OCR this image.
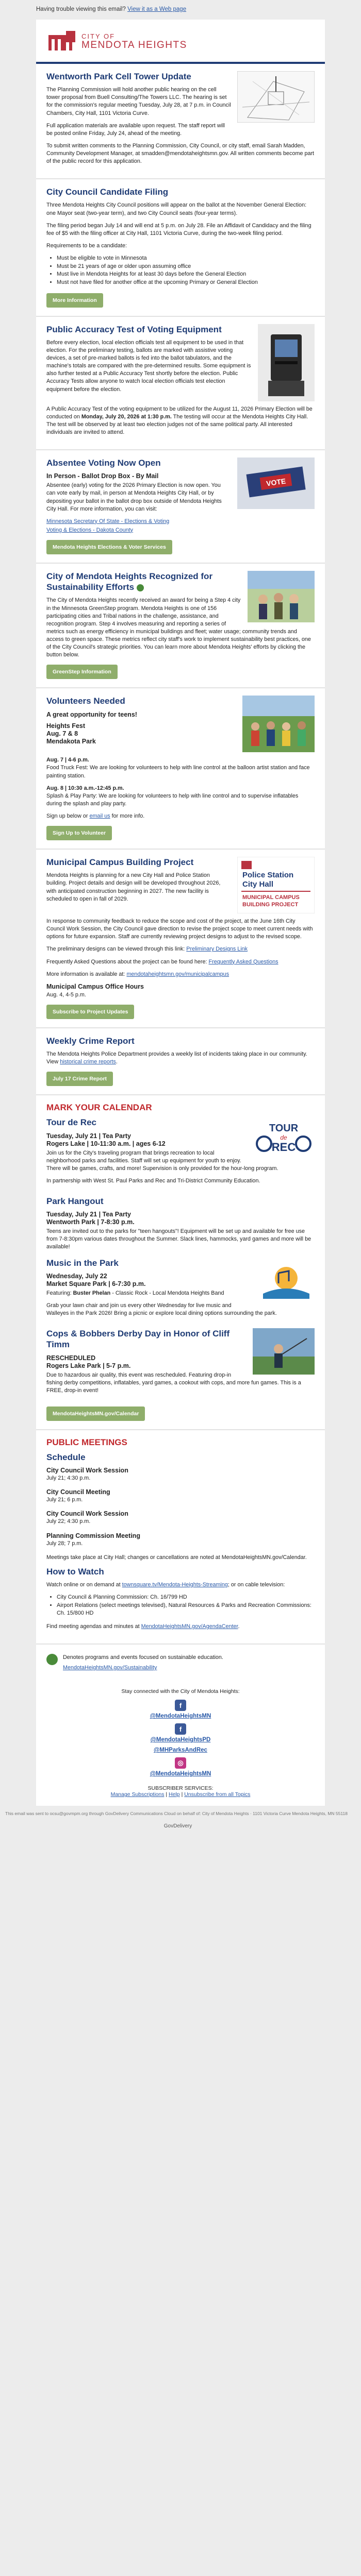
Having trouble viewing this email? View it as a Web page
CITY OF
MENDOTA HEIGHTS
Wentworth Park Cell Tower Update

The Planning Commission will hold another public hearing on the cell tower proposal from Buell Consulting/The Towers LLC. The hearing is set for the commission's regular meeting Tuesday, July 28, at 7 p.m. in Council Chambers, City Hall, 1101 Victoria Curve.

Full application materials are available upon request. The staff report will be posted online Friday, July 24, ahead of the meeting.

To submit written comments to the Planning Commission, City Council, or city staff, email Sarah Madden, Community Development Manager, at smadden@mendotaheightsmn.gov. All written comments become part of the public record for this application.

City Council Candidate Filing

Three Mendota Heights City Council positions will appear on the ballot at the November General Election: one Mayor seat (two-year term), and two City Council seats (four-year terms).

The filing period began July 14 and will end at 5 p.m. on July 28. File an Affidavit of Candidacy and the filing fee of $5 with the filing officer at City Hall, 1101 Victoria Curve, during the two-week filing period.

Requirements to be a candidate:

• Must be eligible to vote in Minnesota
• Must be 21 years of age or older upon assuming office
• Must live in Mendota Heights for at least 30 days before the General Election
• Must not have filed for another office at the upcoming Primary or General Election
More Information
Public Accuracy Test of Voting Equipment

Before every election, local election officials test all equipment to be used in that election. For the preliminary testing, ballots are marked with assistive voting devices, a set of pre-marked ballots is fed into the ballot tabulators, and the machine's totals are compared with the pre-determined results. Some equipment is also further tested at a Public Accuracy Test shortly before the election. Public Accuracy Tests allow anyone to watch local election officials test election equipment before the election.

A Public Accuracy Test of the voting equipment to be utilized for the August 11, 2026 Primary Election will be conducted on Monday, July 20, 2026 at 1:30 p.m. The testing will occur at the Mendota Heights City Hall. The test will be observed by at least two election judges not of the same political party. All interested individuals are invited to attend.

VOTE
Absentee Voting Now Open
In Person - Ballot Drop Box - By Mail

Absentee (early) voting for the 2026 Primary Election is now open. You can vote early by mail, in person at Mendota Heights City Hall, or by depositing your ballot in the ballot drop box outside of Mendota Heights City Hall. For more information, you can visit:

Minnesota Secretary Of State - Elections & Voting

Voting & Elections - Dakota County

Mendota Heights Elections & Voter Services
City of Mendota Heights Recognized for Sustainability Efforts

The City of Mendota Heights recently received an award for being a Step 4 city in the Minnesota GreenStep program. Mendota Heights is one of 156 participating cities and Tribal nations in the challenge, assistance, and recognition program. Step 4 involves measuring and reporting a series of metrics such as energy efficiency in municipal buildings and fleet; water usage; community trends and access to green space. These metrics reflect city staff's work to implement sustainability best practices, one of the City Council's strategic priorities. You can learn more about Mendota Heights' efforts by clicking the button below.

GreenStep Information
Volunteers Needed
A great opportunity for teens!
Heights Fest
Aug. 7 & 8
Mendakota Park

Aug. 7 | 4-6 p.m.
Food Truck Fest: We are looking for volunteers to help with line control at the balloon artist station and face painting station.

Aug. 8 | 10:30 a.m.-12:45 p.m.
Splash & Play Party: We are looking for volunteers to help with line control and to supervise inflatables during the splash and play party.

Sign up below or email us for more info.

Sign Up to Volunteer
Police Station
City Hall
MUNICIPAL CAMPUS
BUILDING PROJECT
Municipal Campus Building Project

Mendota Heights is planning for a new City Hall and Police Station building. Project details and design will be developed throughout 2026, with anticipated construction beginning in 2027. The new facility is scheduled to open in fall of 2029.

In response to community feedback to reduce the scope and cost of the project, at the June 16th City Council Work Session, the City Council gave direction to revise the project scope to meet current needs with options for future expansion. Staff are currently reviewing project designs to adjust to the revised scope.

The preliminary designs can be viewed through this link: Preliminary Designs Link

Frequently Asked Questions about the project can be found here: Frequently Asked Questions

More information is available at: mendotaheightsmn.gov/municipalcampus

Municipal Campus Office Hours

Aug. 4, 4-5 p.m.

Subscribe to Project Updates
Weekly Crime Report

The Mendota Heights Police Department provides a weekly list of incidents taking place in our community. View historical crime reports.

July 17 Crime Report
MARK YOUR CALENDAR
TOUR
de
REC
Tour de Rec
Tuesday, July 21 | Tea Party
Rogers Lake | 10-11:30 a.m. | ages 6-12

Join us for the City's traveling program that brings recreation to local neighborhood parks and facilities. Staff will set up equipment for youth to enjoy. There will be games, crafts, and more! Supervision is only provided for the hour-long program.

In partnership with West St. Paul Parks and Rec and Tri-District Community Education.

Park Hangout
Tuesday, July 21 | Tea Party
Wentworth Park | 7-8:30 p.m.

Teens are invited out to the parks for "teen hangouts"! Equipment will be set up and available for free use from 7-8:30pm various dates throughout the Summer. Slack lines, hammocks, yard games and more will be available!

Music in the Park
Wednesday, July 22
Market Square Park | 6-7:30 p.m.

Featuring: Buster Phelan - Classic Rock - Local Mendota Heights Band

Grab your lawn chair and join us every other Wednesday for live music and Walleyes in the Park 2026! Bring a picnic or explore local dining options surrounding the park.

Cops & Bobbers Derby Day in Honor of Cliff Timm
RESCHEDULED
Rogers Lake Park | 5-7 p.m.

Due to hazardous air quality, this event was rescheduled. Featuring drop-in fishing derby competitions, inflatables, yard games, a cookout with cops, and more fun games. This is a FREE, drop-in event!

MendotaHeightsMN.gov/Calendar
PUBLIC MEETINGS
Schedule
City Council Work Session

July 21; 4:30 p.m.

City Council Meeting

July 21; 6 p.m.

City Council Work Session

July 22; 4:30 p.m.

Planning Commission Meeting

July 28; 7 p.m.

Meetings take place at City Hall; changes or cancellations are noted at MendotaHeightsMN.gov/Calendar.

How to Watch

Watch online or on demand at townsquare.tv/Mendota-Heights-Streaming; or on cable television:

• City Council & Planning Commission: Ch. 16/799 HD
• Airport Relations (select meetings televised), Natural Resources & Parks and Recreation Commissions: Ch. 15/800 HD

Find meeting agendas and minutes at MendotaHeightsMN.gov/AgendaCenter.

Denotes programs and events focused on sustainable education.

MendotaHeightsMN.gov/Sustainability
Stay connected with the City of Mendota Heights:
f
@MendotaHeightsMN
f
@MendotaHeightsPD
@MHParksAndRec
◎
@MendotaHeightsMN
SUBSCRIBER SERVICES:
Manage Subscriptions | Help | Unsubscribe from all Topics
This email was sent to ocsu@govmpm.org through GovDelivery Communications Cloud on behalf of: City of Mendota Heights · 1101 Victoria Curve Mendota Heights, MN 55118
GovDelivery
